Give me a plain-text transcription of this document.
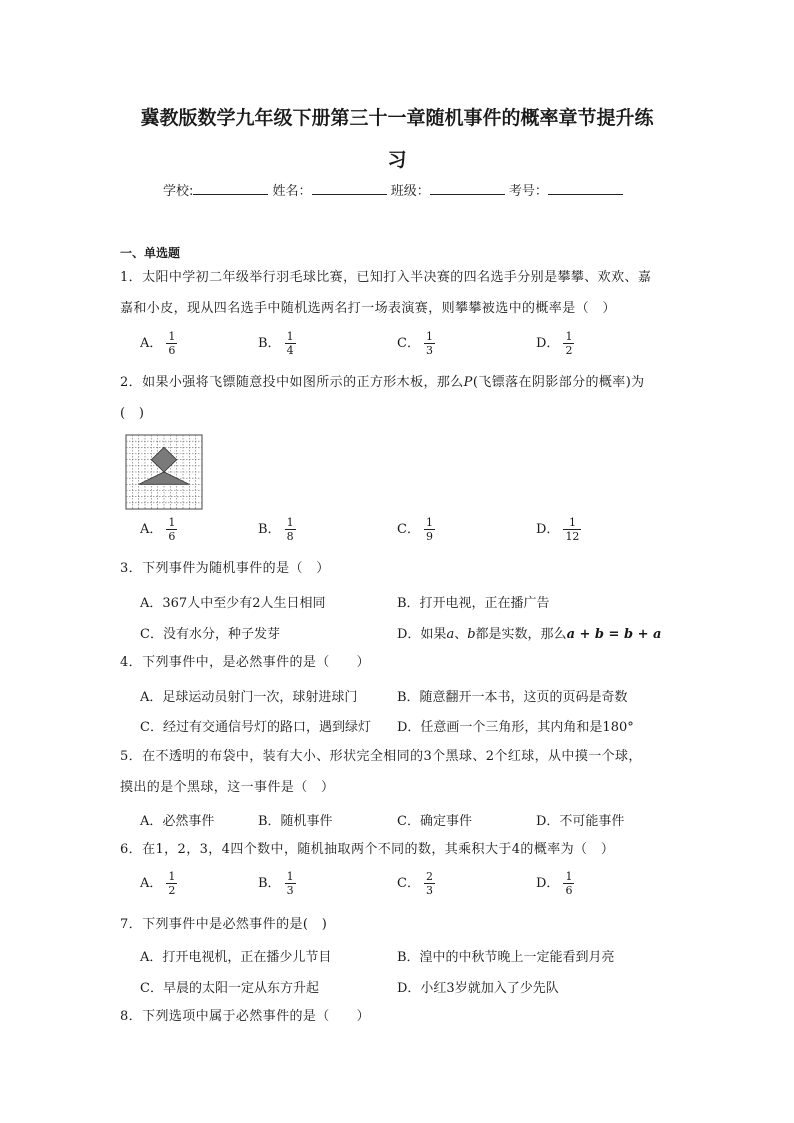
冀教版数学九年级下册第三十一章随机事件的概率章节提升练
习
学校:	姓名：	班级：	考号：
一、单选题
1．太阳中学初二年级举行羽毛球比赛，已知打入半决赛的四名选手分别是攀攀、欢欢、嘉
嘉和小皮，现从四名选手中随机选两名打一场表演赛，则攀攀被选中的概率是（　）
A． $\frac{1}{6}$	B． $\frac{1}{4}$	C． $\frac{1}{3}$	D． $\frac{1}{2}$
2．如果小强将飞镖随意投中如图所示的正方形木板，那么P(飞镖落在阴影部分的概率)为
(　)
A． $\frac{1}{6}$	B． $\frac{1}{8}$	C． $\frac{1}{9}$	D． $\frac{1}{12}$
3．下列事件为随机事件的是（　）
A．367人中至少有2人生日相同	B．打开电视，正在播广告
C．没有水分，种子发芽	D．如果a、b都是实数，那么a + b = b + a
4．下列事件中，是必然事件的是（　　）
A．足球运动员射门一次，球射进球门	B．随意翻开一本书，这页的页码是奇数
C．经过有交通信号灯的路口，遇到绿灯 D．任意画一个三角形，其内角和是180°
5．在不透明的布袋中，装有大小、形状完全相同的3个黑球、2个红球，从中摸一个球，
摸出的是个黑球，这一事件是（　）
A．必然事件	B．随机事件	C．确定事件	D．不可能事件
6．在1，2，3，4四个数中，随机抽取两个不同的数，其乘积大于4的概率为（　）
A． $\frac{1}{2}$	B． $\frac{1}{3}$	C． $\frac{2}{3}$	D． $\frac{1}{6}$
7．下列事件中是必然事件的是(　)
A．打开电视机，正在播少儿节目	B．湟中的中秋节晚上一定能看到月亮
C．早晨的太阳一定从东方升起	D．小红3岁就加入了少先队
8．下列选项中属于必然事件的是（　　）
